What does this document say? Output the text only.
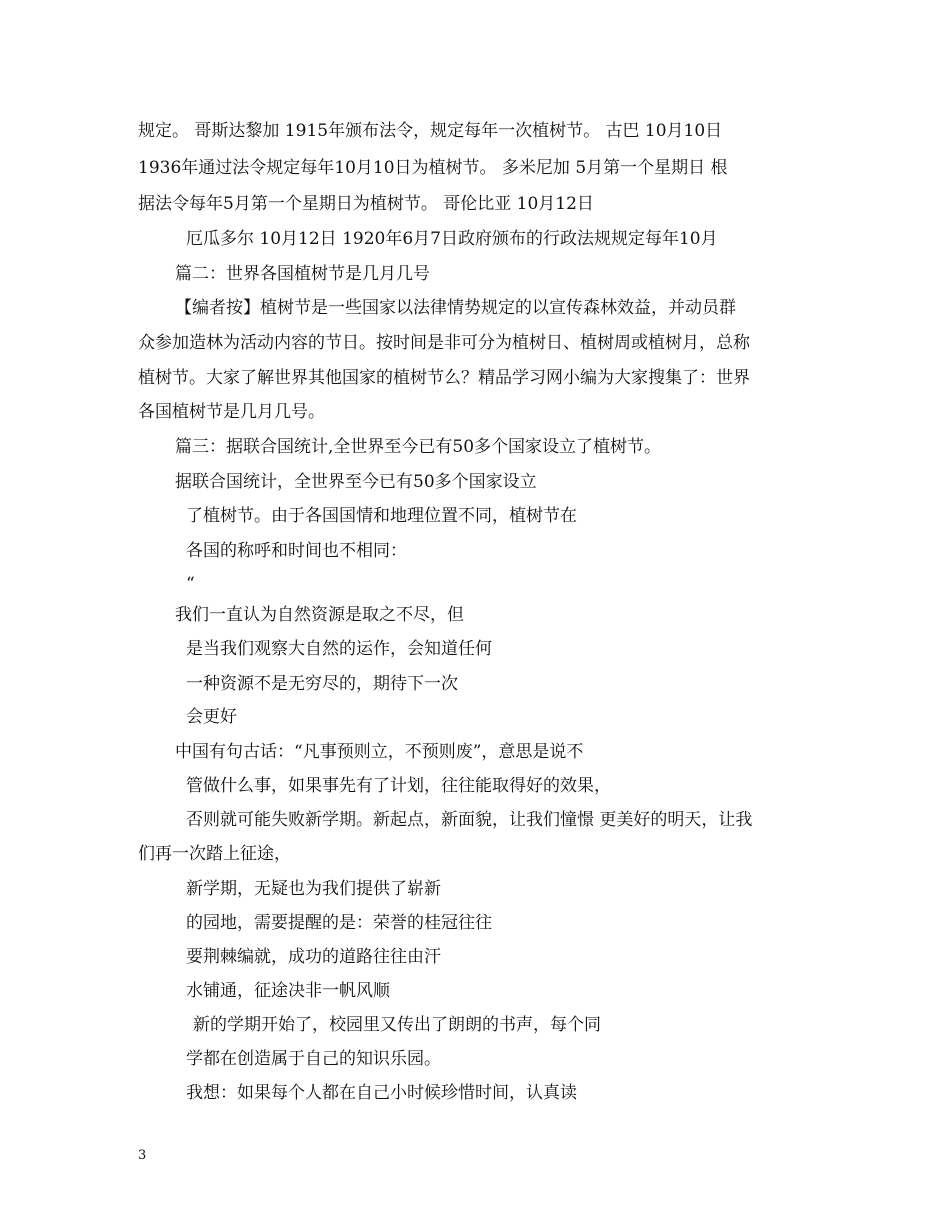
规定。 哥斯达黎加 1915年颁布法令，规定每年一次植树节。 古巴 10月10日
1936年通过法令规定每年10月10日为植树节。 多米尼加 5月第一个星期日 根
据法令每年5月第一个星期日为植树节。 哥伦比亚 10月12日
厄瓜多尔 10月12日 1920年6月7日政府颁布的行政法规规定每年10月
篇二：世界各国植树节是几月几号
【编者按】植树节是一些国家以法律情势规定的以宣传森林效益，并动员群
众参加造林为活动内容的节日。按时间是非可分为植树日、植树周或植树月，总称
植树节。大家了解世界其他国家的植树节么？精品学习网小编为大家搜集了：世界
各国植树节是几月几号。
篇三：据联合国统计,全世界至今已有50多个国家设立了植树节。
据联合国统计，全世界至今已有50多个国家设立
了植树节。由于各国国情和地理位置不同，植树节在
各国的称呼和时间也不相同：
“
我们一直认为自然资源是取之不尽，但
是当我们观察大自然的运作，会知道任何
一种资源不是无穷尽的，期待下一次
会更好
中国有句古话：“凡事预则立，不预则废”，意思是说不
管做什么事，如果事先有了计划，往往能取得好的效果，
否则就可能失败新学期。新起点，新面貌，让我们憧憬 更美好的明天，让我
们再一次踏上征途，
新学期，无疑也为我们提供了崭新
的园地，需要提醒的是：荣誉的桂冠往往
要荆棘编就，成功的道路往往由汗
水铺通，征途决非一帆风顺
新的学期开始了，校园里又传出了朗朗的书声，每个同
学都在创造属于自己的知识乐园。
我想：如果每个人都在自己小时候珍惜时间，认真读
3
